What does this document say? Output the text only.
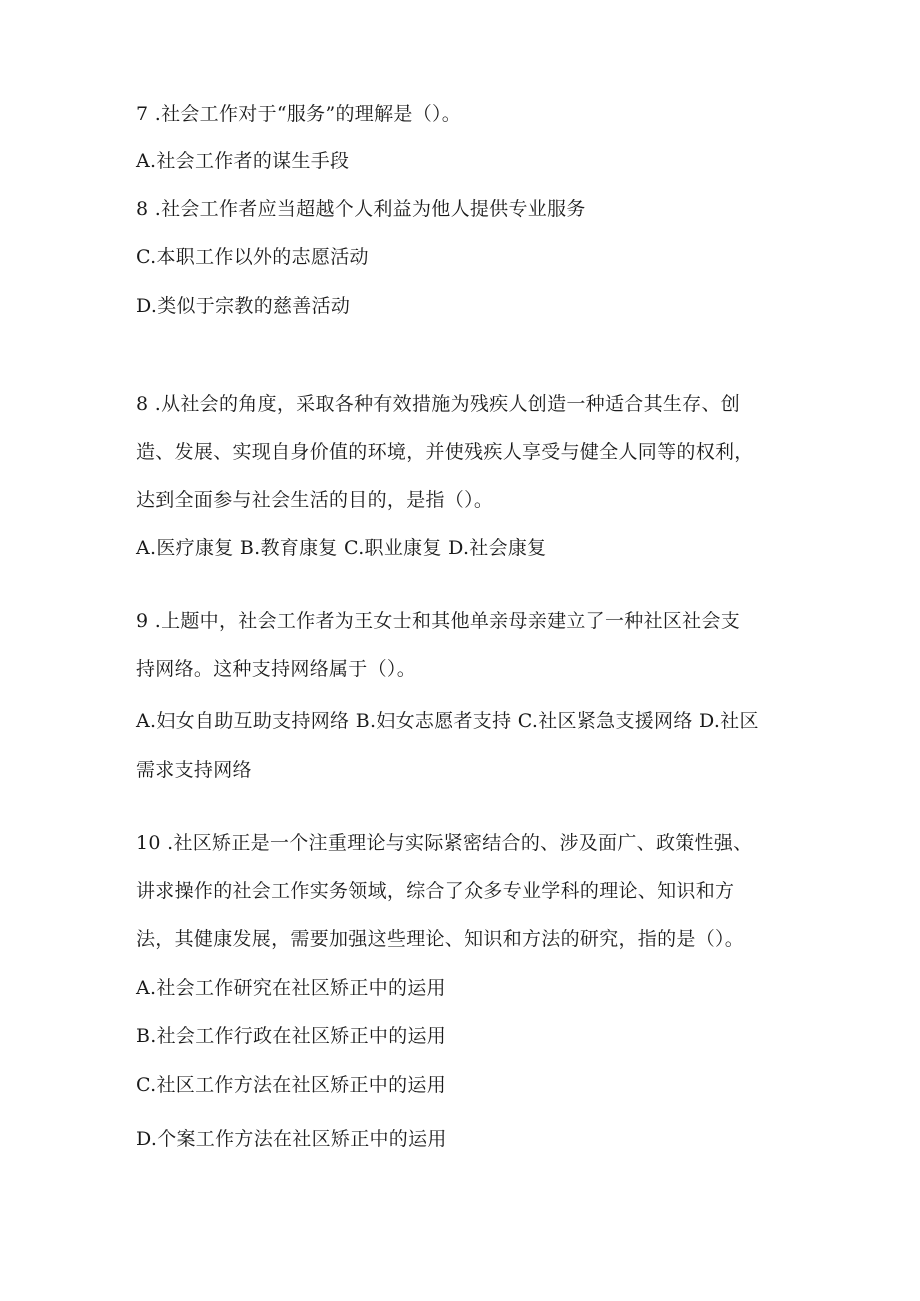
7 .社会工作对于“服务”的理解是（）。

A.社会工作者的谋生手段

8 .社会工作者应当超越个人利益为他人提供专业服务

C.本职工作以外的志愿活动

D.类似于宗教的慈善活动

8 .从社会的角度，采取各种有效措施为残疾人创造一种适合其生存、创

造、发展、实现自身价值的环境，并使残疾人享受与健全人同等的权利，

达到全面参与社会生活的目的，是指（）。

A.医疗康复 B.教育康复 C.职业康复 D.社会康复

9 .上题中，社会工作者为王女士和其他单亲母亲建立了一种社区社会支

持网络。这种支持网络属于（）。

A.妇女自助互助支持网络 B.妇女志愿者支持 C.社区紧急支援网络 D.社区

需求支持网络

10 .社区矫正是一个注重理论与实际紧密结合的、涉及面广、政策性强、

讲求操作的社会工作实务领域，综合了众多专业学科的理论、知识和方

法，其健康发展，需要加强这些理论、知识和方法的研究，指的是（）。

A.社会工作研究在社区矫正中的运用

B.社会工作行政在社区矫正中的运用

C.社区工作方法在社区矫正中的运用

D.个案工作方法在社区矫正中的运用
